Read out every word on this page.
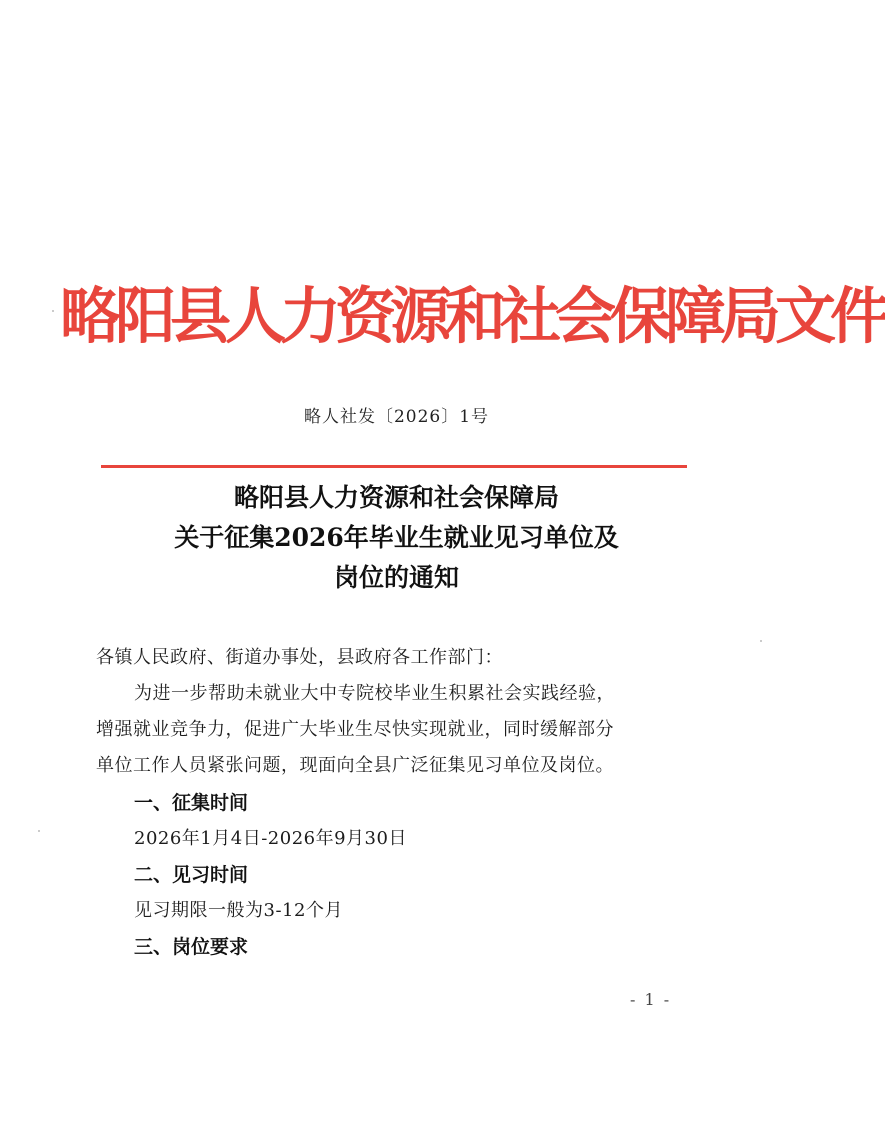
略阳县人力资源和社会保障局文件
略人社发〔2026〕1号
略阳县人力资源和社会保障局
关于征集2026年毕业生就业见习单位及
岗位的通知
各镇人民政府、街道办事处，县政府各工作部门：
为进一步帮助未就业大中专院校毕业生积累社会实践经验，
增强就业竞争力，促进广大毕业生尽快实现就业，同时缓解部分
单位工作人员紧张问题，现面向全县广泛征集见习单位及岗位。
一、征集时间
2026年1月4日-2026年9月30日
二、见习时间
见习期限一般为3-12个月
三、岗位要求
- 1 -
